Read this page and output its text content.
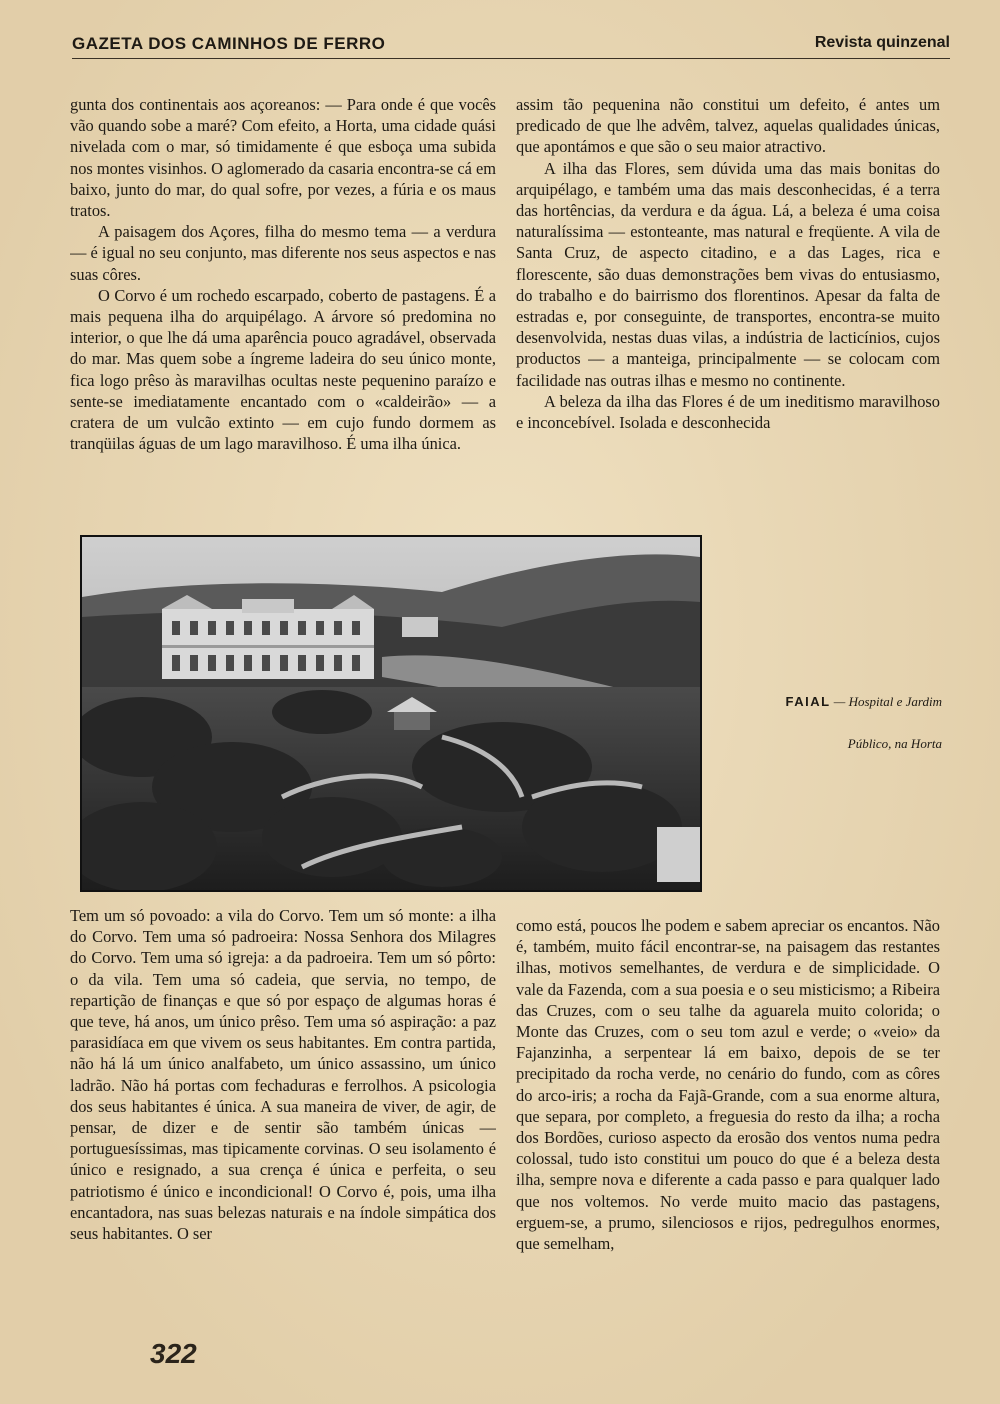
GAZETA DOS CAMINHOS DE FERRO	Revista quinzenal

gunta dos continentais aos açoreanos: — Para onde é que vocês vão quando sobe a maré? Com efeito, a Horta, uma cidade quási nivelada com o mar, só timidamente é que esboça uma subida nos montes visinhos. O aglomerado da casaria encontra-se cá em baixo, junto do mar, do qual sofre, por vezes, a fúria e os maus tratos.

A paisagem dos Açores, filha do mesmo tema — a verdura — é igual no seu conjunto, mas diferente nos seus aspectos e nas suas côres.

O Corvo é um rochedo escarpado, coberto de pastagens. É a mais pequena ilha do arquipélago. A árvore só predomina no interior, o que lhe dá uma aparência pouco agradável, observada do mar. Mas quem sobe a íngreme ladeira do seu único monte, fica logo prêso às maravilhas ocultas neste pequenino paraízo e sente-se imediatamente encantado com o «caldeirão» — a cratera de um vulcão extinto — em cujo fundo dormem as tranqüilas águas de um lago maravilhoso. É uma ilha única.

assim tão pequenina não constitui um defeito, é antes um predicado de que lhe advêm, talvez, aquelas qualidades únicas, que apontámos e que são o seu maior atractivo.

A ilha das Flores, sem dúvida uma das mais bonitas do arquipélago, e também uma das mais desconhecidas, é a terra das hortências, da verdura e da água. Lá, a beleza é uma coisa naturalíssima — estonteante, mas natural e freqüente. A vila de Santa Cruz, de aspecto citadino, e a das Lages, rica e florescente, são duas demonstrações bem vivas do entusiasmo, do trabalho e do bairrismo dos florentinos. Apesar da falta de estradas e, por conseguinte, de transportes, encontra-se muito desenvolvida, nestas duas vilas, a indústria de lacticínios, cujos productos — a manteiga, principalmente — se colocam com facilidade nas outras ilhas e mesmo no continente.

A beleza da ilha das Flores é de um ineditismo maravilhoso e inconcebível. Isolada e desconhecida

FAIAL — Hospital e Jardim
Público, na Horta

Tem um só povoado: a vila do Corvo. Tem um só monte: a ilha do Corvo. Tem uma só padroeira: Nossa Senhora dos Milagres do Corvo. Tem uma só igreja: a da padroeira. Tem um só pôrto: o da vila. Tem uma só cadeia, que servia, no tempo, de repartição de finanças e que só por espaço de algumas horas é que teve, há anos, um único prêso. Tem uma só aspiração: a paz parasidíaca em que vivem os seus habitantes. Em contra partida, não há lá um único analfabeto, um único assassino, um único ladrão. Não há portas com fechaduras e ferrolhos. A psicologia dos seus habitantes é única. A sua maneira de viver, de agir, de pensar, de dizer e de sentir são também únicas — portuguesíssimas, mas tipicamente corvinas. O seu isolamento é único e resignado, a sua crença é única e perfeita, o seu patriotismo é único e incondicional! O Corvo é, pois, uma ilha encantadora, nas suas belezas naturais e na índole simpática dos seus habitantes. O ser

como está, poucos lhe podem e sabem apreciar os encantos. Não é, também, muito fácil encontrar-se, na paisagem das restantes ilhas, motivos semelhantes, de verdura e de simplicidade. O vale da Fazenda, com a sua poesia e o seu misticismo; a Ribeira das Cruzes, com o seu talhe da aguarela muito colorida; o Monte das Cruzes, com o seu tom azul e verde; o «veio» da Fajanzinha, a serpentear lá em baixo, depois de se ter precipitado da rocha verde, no cenário do fundo, com as côres do arco-iris; a rocha da Fajã-Grande, com a sua enorme altura, que separa, por completo, a freguesia do resto da ilha; a rocha dos Bordões, curioso aspecto da erosão dos ventos numa pedra colossal, tudo isto constitui um pouco do que é a beleza desta ilha, sempre nova e diferente a cada passo e para qualquer lado que nos voltemos. No verde muito macio das pastagens, erguem-se, a prumo, silenciosos e rijos, pedregulhos enormes, que semelham,

322
